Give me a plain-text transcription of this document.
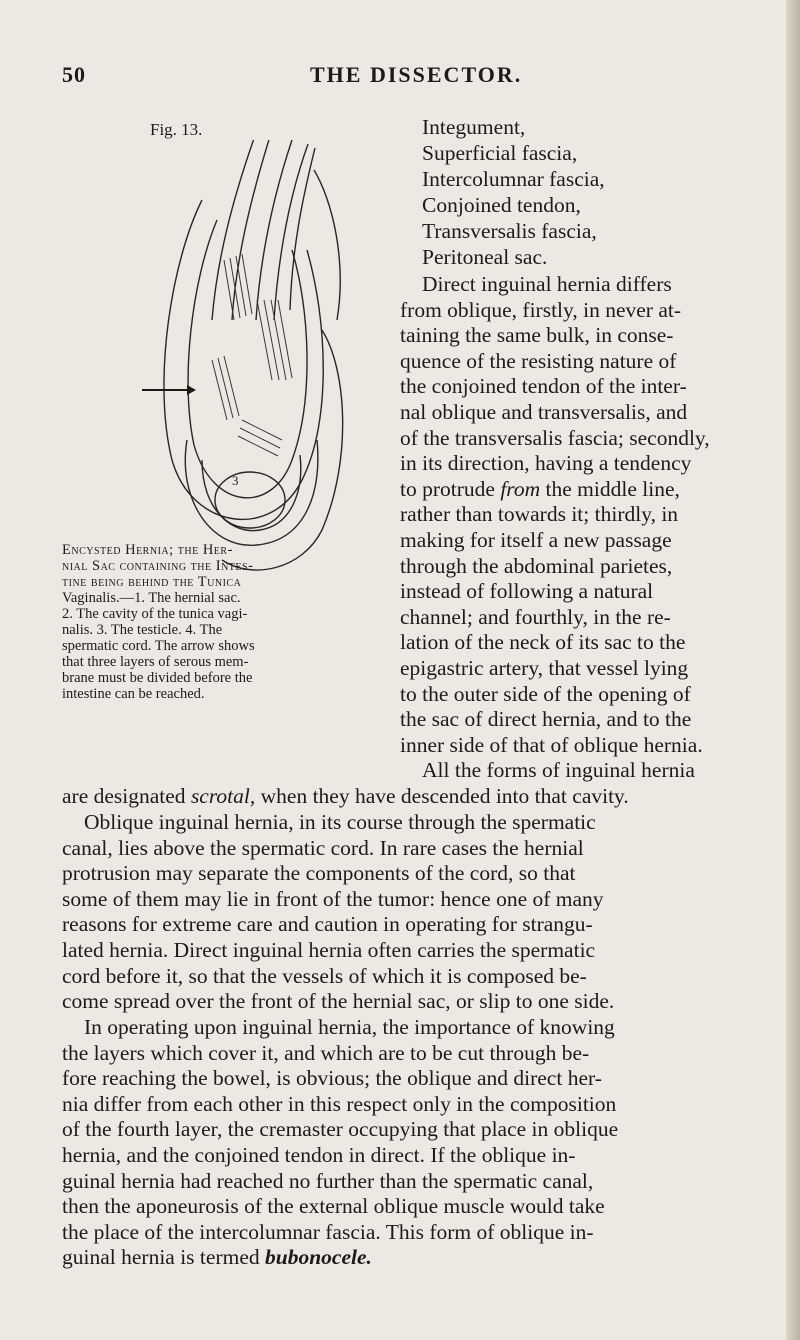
50	THE DISSECTOR.
Fig. 13.
3
Encysted Hernia; the Her-
nial Sac containing the Intes-
tine being behind the Tunica
Vaginalis.—1. The hernial sac.
2. The cavity of the tunica vagi-
nalis. 3. The testicle. 4. The
spermatic cord. The arrow shows
that three layers of serous mem-
brane must be divided before the
intestine can be reached.
Integument,
Superficial fascia,
Intercolumnar fascia,
Conjoined tendon,
Transversalis fascia,
Peritoneal sac.
Direct inguinal hernia differs
from oblique, firstly, in never at-
taining the same bulk, in conse-
quence of the resisting nature of
the conjoined tendon of the inter-
nal oblique and transversalis, and
of the transversalis fascia; secondly,
in its direction, having a tendency
to protrude from the middle line,
rather than towards it; thirdly, in
making for itself a new passage
through the abdominal parietes,
instead of following a natural
channel; and fourthly, in the re-
lation of the neck of its sac to the
epigastric artery, that vessel lying
to the outer side of the opening of
the sac of direct hernia, and to the
inner side of that of oblique hernia.
All the forms of inguinal hernia
are designated scrotal, when they have descended into that cavity.
Oblique inguinal hernia, in its course through the spermatic
canal, lies above the spermatic cord. In rare cases the hernial
protrusion may separate the components of the cord, so that
some of them may lie in front of the tumor: hence one of many
reasons for extreme care and caution in operating for strangu-
lated hernia. Direct inguinal hernia often carries the spermatic
cord before it, so that the vessels of which it is composed be-
come spread over the front of the hernial sac, or slip to one side.
In operating upon inguinal hernia, the importance of knowing
the layers which cover it, and which are to be cut through be-
fore reaching the bowel, is obvious; the oblique and direct her-
nia differ from each other in this respect only in the composition
of the fourth layer, the cremaster occupying that place in oblique
hernia, and the conjoined tendon in direct. If the oblique in-
guinal hernia had reached no further than the spermatic canal,
then the aponeurosis of the external oblique muscle would take
the place of the intercolumnar fascia. This form of oblique in-
guinal hernia is termed bubonocele.
